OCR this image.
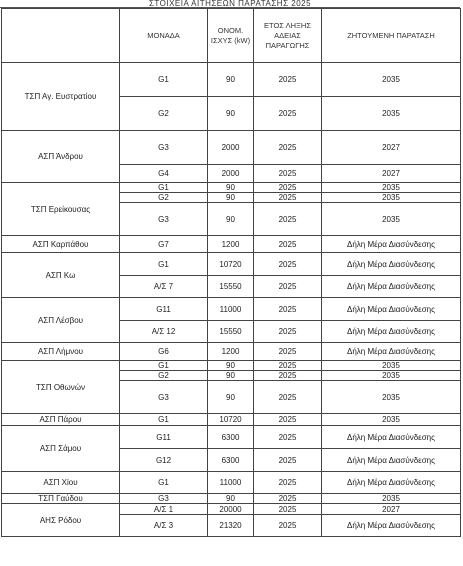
ΣΤΟΙΧΕΙΑ ΑΙΤΗΣΕΩΝ ΠΑΡΑΤΑΣΗΣ 2025
	ΜΟΝΑΔΑ	ΟΝΟΜ. ΙΣΧΥΣ (kW)	ΕΤΟΣ ΛΗΞΗΣ ΑΔΕΙΑΣ ΠΑΡΑΓΩΓΗΣ	ΖΗΤΟΥΜΕΝΗ ΠΑΡΑΤΑΣΗ
ΤΣΠ Αγ. Ευστρατίου	G1	90	2025	2035
	G2	90	2025	2035
ΑΣΠ Άνδρου	G3	2000	2025	2027
	G4	2000	2025	2027
ΤΣΠ Ερείκουσας	G1	90	2025	2035
	G2	90	2025	2035
	G3	90	2025	2035
ΑΣΠ Καρπάθου	G7	1200	2025	Δήλη Μέρα Διασύνδεσης
ΑΣΠ Κω	G1	10720	2025	Δήλη Μέρα Διασύνδεσης
	Α/Σ 7	15550	2025	Δήλη Μέρα Διασύνδεσης
ΑΣΠ Λέσβου	G11	11000	2025	Δήλη Μέρα Διασύνδεσης
	Α/Σ 12	15550	2025	Δήλη Μέρα Διασύνδεσης
ΑΣΠ Λήμνου	G6	1200	2025	Δήλη Μέρα Διασύνδεσης
ΤΣΠ Οθωνών	G1	90	2025	2035
	G2	90	2025	2035
	G3	90	2025	2035
ΑΣΠ Πάρου	G1	10720	2025	2035
ΑΣΠ Σάμου	G11	6300	2025	Δήλη Μέρα Διασύνδεσης
	G12	6300	2025	Δήλη Μέρα Διασύνδεσης
ΑΣΠ Χίου	G1	11000	2025	Δήλη Μέρα Διασύνδεσης
ΤΣΠ Γαύδου	G3	90	2025	2035
ΑΗΣ Ρόδου	Α/Σ 1	20000	2025	2027
	Α/Σ 3	21320	2025	Δήλη Μέρα Διασύνδεσης
